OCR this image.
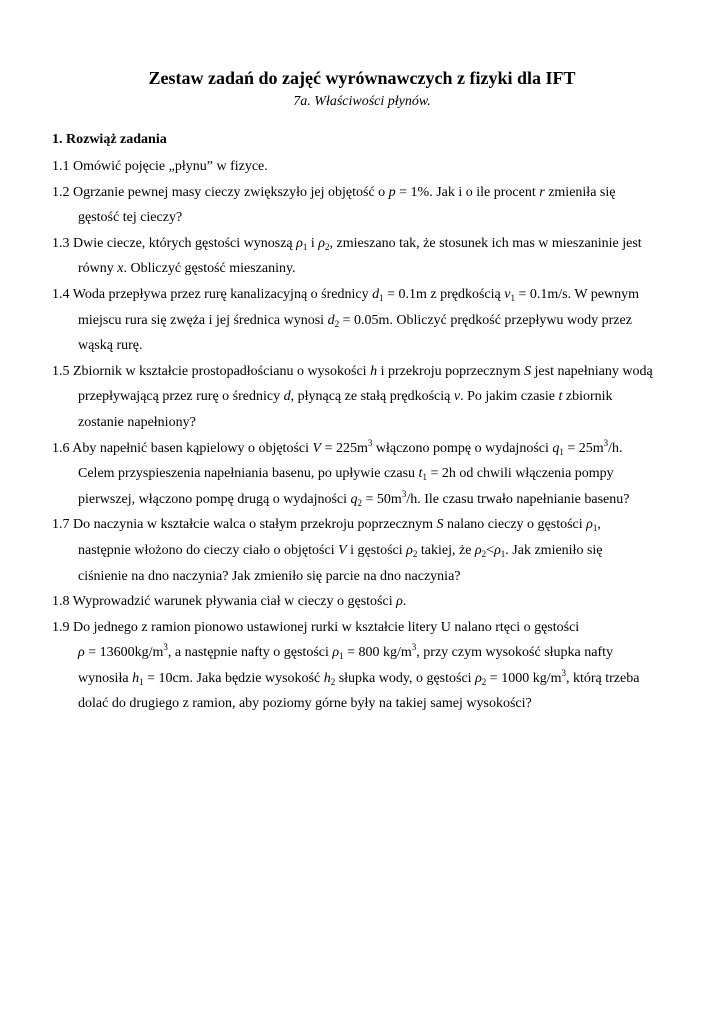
Zestaw zadań do zajęć wyrównawczych z fizyki dla IFT
7a. Właściwości płynów.
1. Rozwiąż zadania
1.1 Omówić pojęcie „płynu” w fizyce.
1.2 Ogrzanie pewnej masy cieczy zwiększyło jej objętość o p = 1%. Jak i o ile procent r zmieniła się
gęstość tej cieczy?
1.3 Dwie ciecze, których gęstości wynoszą $\rho_1$ i $\rho_2$, zmieszano tak, że stosunek ich mas w mieszaninie jest
równy x. Obliczyć gęstość mieszaniny.
1.4 Woda przepływa przez rurę kanalizacyjną o średnicy $d_1 = 0.1m$ z prędkością $v_1 = 0.1m/s$. W pewnym
miejscu rura się zwęża i jej średnica wynosi $d_2 = 0.05m$. Obliczyć prędkość przepływu wody przez
wąską rurę.
1.5 Zbiornik w kształcie prostopadłościanu o wysokości h i przekroju poprzecznym S jest napełniany wodą
przepływającą przez rurę o średnicy d, płynącą ze stałą prędkością v. Po jakim czasie t zbiornik
zostanie napełniony?
1.6 Aby napełnić basen kąpielowy o objętości $V = 225m^3$ włączono pompę o wydajności $q_1 = 25m^3/h$.
Celem przyspieszenia napełniania basenu, po upływie czasu $t_1 = 2h$ od chwili włączenia pompy
pierwszej, włączono pompę drugą o wydajności $q_2 = 50m^3/h$. Ile czasu trwało napełnianie basenu?
1.7 Do naczynia w kształcie walca o stałym przekroju poprzecznym S nalano cieczy o gęstości $\rho_1$,
następnie włożono do cieczy ciało o objętości V i gęstości $\rho_2$ takiej, że $\rho_2<\rho_1$. Jak zmieniło się
ciśnienie na dno naczynia? Jak zmieniło się parcie na dno naczynia?
1.8 Wyprowadzić warunek pływania ciał w cieczy o gęstości ρ.
1.9 Do jednego z ramion pionowo ustawionej rurki w kształcie litery U nalano rtęci o gęstości
$\rho = 13600kg/m^3$, a następnie nafty o gęstości $\rho_1 = 800$ $kg/m^3$, przy czym wysokość słupka nafty
wynosiła $h_1 = 10cm$. Jaka będzie wysokość $h_2$ słupka wody, o gęstości $\rho_2 = 1000$ $kg/m^3$, którą trzeba
dolać do drugiego z ramion, aby poziomy górne były na takiej samej wysokości?
